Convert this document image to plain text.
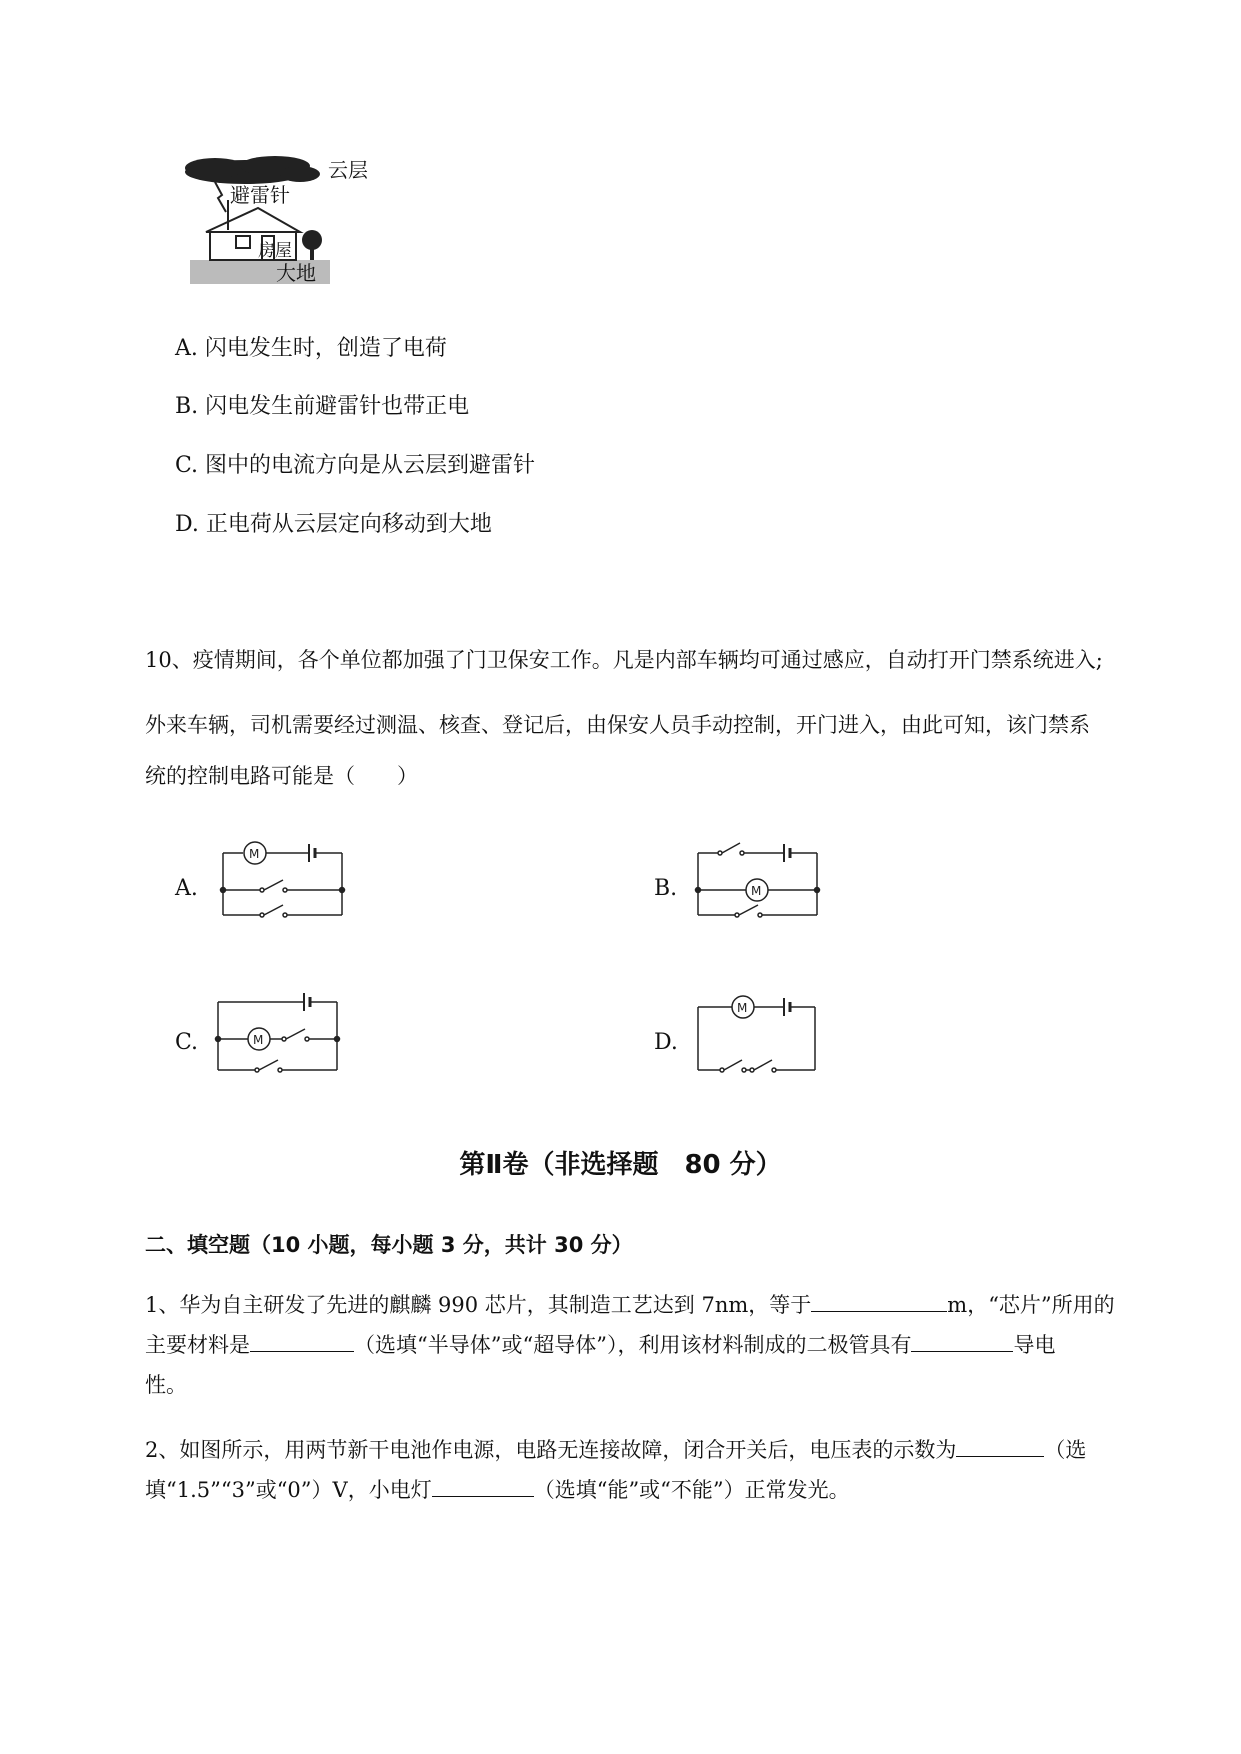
避雷针
房屋
大地
云层
A. 闪电发生时，创造了电荷
B. 闪电发生前避雷针也带正电
C. 图中的电流方向是从云层到避雷针
D. 正电荷从云层定向移动到大地
10、疫情期间，各个单位都加强了门卫保安工作。凡是内部车辆均可通过感应，自动打开门禁系统进入;
外来车辆，司机需要经过测温、核查、登记后，由保安人员手动控制，开门进入，由此可知，该门禁系
统的控制电路可能是（　　）
A.	B.
C.	D.
M
M
M
M
第Ⅱ卷（非选择题　80 分）
二、填空题（10 小题，每小题 3 分，共计 30 分）
1、华为自主研发了先进的麒麟 990 芯片，其制造工艺达到 7nm，等于	m，“芯片”所用的
主要材料是	（选填“半导体”或“超导体”），利用该材料制成的二极管具有	导电
性。
2、如图所示，用两节新干电池作电源，电路无连接故障，闭合开关后，电压表的示数为	（选
填“1.5”“3”或“0”）V，小电灯	（选填“能”或“不能”）正常发光。
